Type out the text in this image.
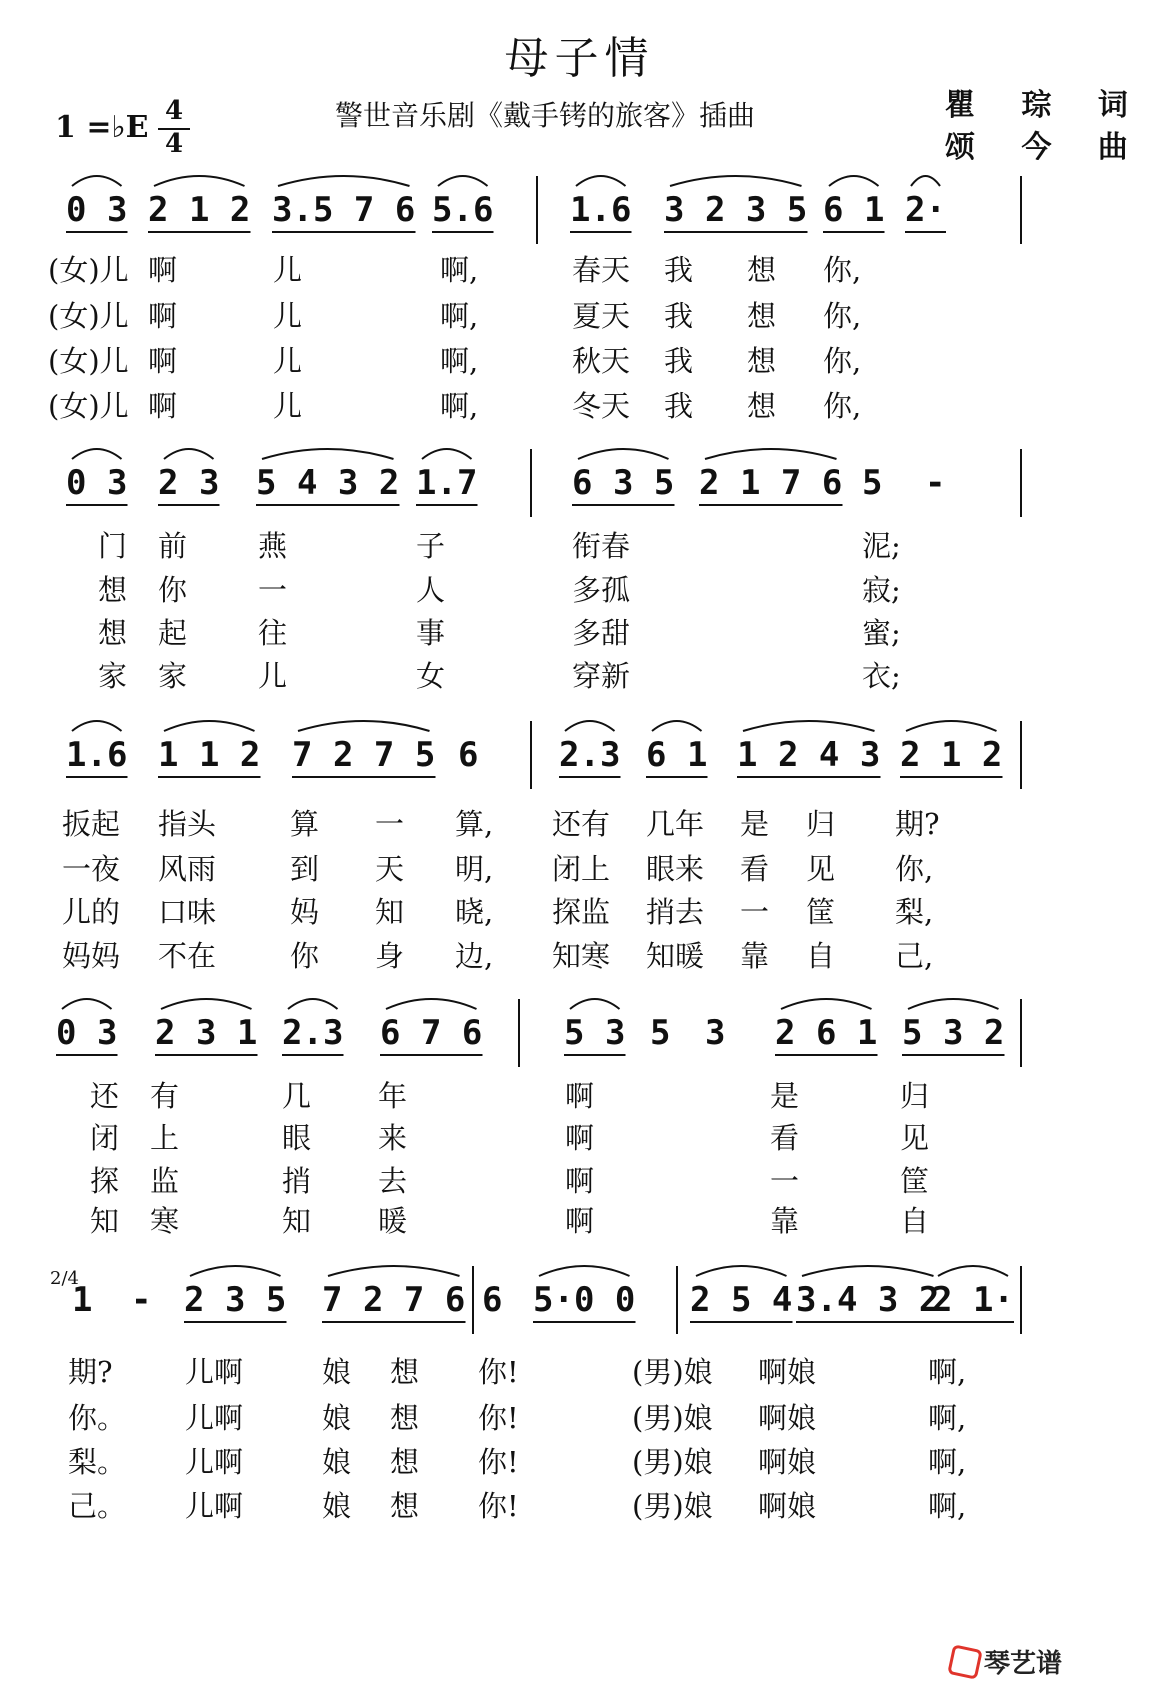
母子情
警世音乐剧《戴手铐的旅客》插曲	瞿 琮 词
颂 今 曲
1 =♭E 4
4
0 3 2 1 2 3.5 7 6 5.6 1.6 3 2 3 5 6 1 2·
(女)儿 啊	儿	啊,	春天 我 想 你,
(女)儿 啊	儿	啊,	夏天 我 想 你,
(女)儿 啊	儿	啊,	秋天 我 想 你,
(女)儿 啊	儿	啊,	冬天 我 想 你,
0 3 2 3 5 4 3 2 1.7	6 3 5 2 1 7 6 5 -
门 前 燕	子	衔春	泥;
想 你 一	人	多孤	寂;
想 起 往	事	多甜	蜜;
家 家 儿	女	穿新	衣;
1.6 1 1 2 7 2 7 5 6 2.3 6 1 1 2 4 3 2 1 2
扳起 指头	算 一 算, 还有 几年 是 归 期?
一夜 风雨	到 天 明, 闭上 眼来 看 见 你,
儿的 口味	妈 知 晓, 探监 捎去 一 筐 梨,
妈妈 不在	你 身 边, 知寒 知暖 靠 自 己,
0 3 2 3 1 2.3 6 7 6 5 3 5 3 2 6 1 5 3 2
还 有	几 年	啊	是	归
闭 上	眼 来	啊	看	见
探 监	捎 去	啊	一	筐
知 寒	知 暖	啊	靠	自
1 - 2 3 5 7 2 7 6 6 5·0 0 2 5 4 3.4 3 2
2 1·
2/4
期? 儿啊	娘 想 你!	(男)娘 啊娘	啊,
你。 儿啊	娘 想 你!	(男)娘 啊娘	啊,
梨。 儿啊	娘 想 你!	(男)娘 啊娘	啊,
己。 儿啊	娘 想 你!	(男)娘 啊娘	啊,
琴艺谱
